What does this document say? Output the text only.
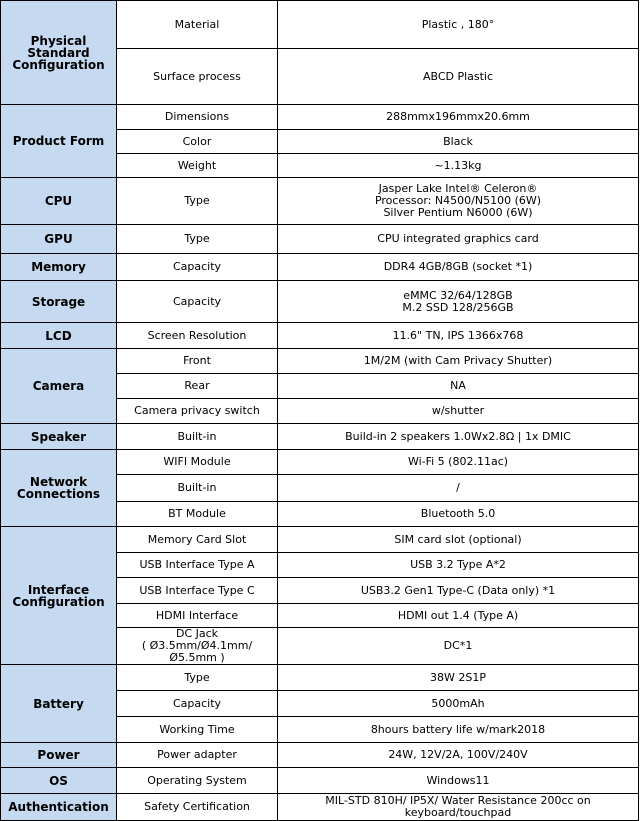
Physical Standard
Configuration	Material	Plastic , 180°

	Surface process	ABCD Plastic

Product Form	Dimensions	288mmx196mmx20.6mm

	Color	Black

	Weight	~1.13kg

CPU	Type	Jasper Lake Intel® Celeron®
Processor: N4500/N5100 (6W)
Silver Pentium N6000 (6W)

GPU	Type	CPU integrated graphics card

Memory	Capacity	DDR4 4GB/8GB (socket *1)

Storage	Capacity	eMMC 32/64/128GB
M.2 SSD 128/256GB

LCD	Screen Resolution	11.6" TN, IPS 1366x768

Camera	Front	1M/2M (with Cam Privacy Shutter)

	Rear	NA

	Camera privacy switch	w/shutter

Speaker	Built-in	Build-in 2 speakers 1.0Wx2.8Ω | 1x DMIC

Network
Connections	WIFI Module	Wi-Fi 5 (802.11ac)

	Built-in	/

	BT Module	Bluetooth 5.0

Interface
Configuration	Memory Card Slot	SIM card slot (optional)

	USB Interface Type A	USB 3.2 Type A*2

	USB Interface Type C	USB3.2 Gen1 Type-C (Data only) *1

	HDMI Interface	HDMI out 1.4 (Type A)

	DC Jack
( Ø3.5mm/Ø4.1mm/Ø5.5mm )	DC*1

Battery	Type	38W 2S1P

	Capacity	5000mAh

	Working Time	8hours battery life w/mark2018

Power	Power adapter	24W, 12V/2A, 100V/240V

OS	Operating System	Windows11

Authentication	Safety Certification	MIL-STD 810H/ IP5X/ Water Resistance 200cc on keyboard/touchpad
